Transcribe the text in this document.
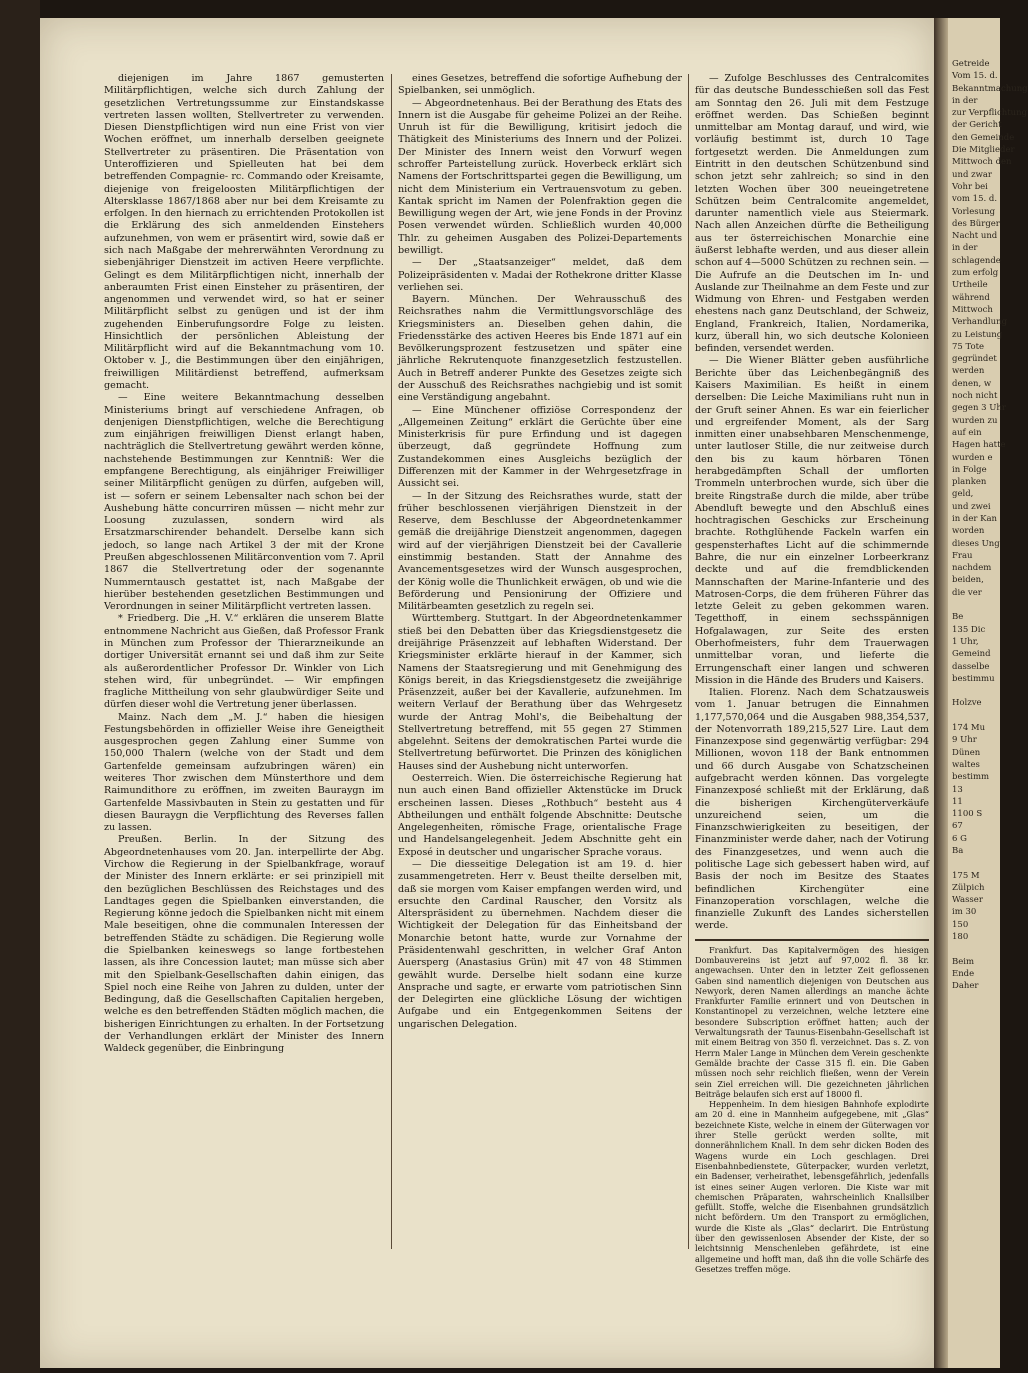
diejenigen im Jahre 1867 gemusterten Militärpflichtigen, welche sich durch Zahlung der gesetzlichen Vertretungssumme zur Einstandskasse vertreten lassen wollten, Stellvertreter zu verwenden. Diesen Dienstpflichtigen wird nun eine Frist von vier Wochen eröffnet, um innerhalb derselben geeignete Stellvertreter zu präsentiren. Die Präsentation von Unteroffizieren und Spielleuten hat bei dem betreffenden Compagnie- rc. Commando oder Kreisamte, diejenige von freigeloosten Militärpflichtigen der Altersklasse 1867/1868 aber nur bei dem Kreisamte zu erfolgen. In den hiernach zu errichtenden Protokollen ist die Erklärung des sich anmeldenden Einstehers aufzunehmen, von wem er präsentirt wird, sowie daß er sich nach Maßgabe der mehrerwähnten Verordnung zu siebenjähriger Dienstzeit im activen Heere verpflichte. Gelingt es dem Militärpflichtigen nicht, innerhalb der anberaumten Frist einen Einsteher zu präsentiren, der angenommen und verwendet wird, so hat er seiner Militärpflicht selbst zu genügen und ist der ihm zugehenden Einberufungsordre Folge zu leisten. Hinsichtlich der persönlichen Ableistung der Militärpflicht wird auf die Bekanntmachung vom 10. Oktober v. J., die Bestimmungen über den einjährigen, freiwilligen Militärdienst betreffend, aufmerksam gemacht.

— Eine weitere Bekanntmachung desselben Ministeriums bringt auf verschiedene Anfragen, ob denjenigen Dienstpflichtigen, welche die Berechtigung zum einjährigen freiwilligen Dienst erlangt haben, nachträglich die Stellvertretung gewährt werden könne, nachstehende Bestimmungen zur Kenntniß: Wer die empfangene Berechtigung, als einjähriger Freiwilliger seiner Militärpflicht genügen zu dürfen, aufgeben will, ist — sofern er seinem Lebensalter nach schon bei der Aushebung hätte concurriren müssen — nicht mehr zur Loosung zuzulassen, sondern wird als Ersatzmarschirender behandelt. Derselbe kann sich jedoch, so lange nach Artikel 3 der mit der Krone Preußen abgeschlossenen Militärconvention vom 7. April 1867 die Stellvertretung oder der sogenannte Nummerntausch gestattet ist, nach Maßgabe der hierüber bestehenden gesetzlichen Bestimmungen und Verordnungen in seiner Militärpflicht vertreten lassen.

* Friedberg. Die „H. V.“ erklären die unserem Blatte entnommene Nachricht aus Gießen, daß Professor Frank in München zum Professor der Thierarzneikunde an dortiger Universität ernannt sei und daß ihm zur Seite als außerordentlicher Professor Dr. Winkler von Lich stehen wird, für unbegründet. — Wir empfingen fragliche Mittheilung von sehr glaubwürdiger Seite und dürfen dieser wohl die Vertretung jener überlassen.

Mainz. Nach dem „M. J.“ haben die hiesigen Festungsbehörden in offizieller Weise ihre Geneigtheit ausgesprochen gegen Zahlung einer Summe von 150,000 Thalern (welche von der Stadt und dem Gartenfelde gemeinsam aufzubringen wären) ein weiteres Thor zwischen dem Münsterthore und dem Raimundithore zu eröffnen, im zweiten Bauraygn im Gartenfelde Massivbauten in Stein zu gestatten und für diesen Bauraygn die Verpflichtung des Reverses fallen zu lassen.

Preußen. Berlin. In der Sitzung des Abgeordnetenhauses vom 20. Jan. interpellirte der Abg. Virchow die Regierung in der Spielbankfrage, worauf der Minister des Innern erklärte: er sei prinzipiell mit den bezüglichen Beschlüssen des Reichstages und des Landtages gegen die Spielbanken einverstanden, die Regierung könne jedoch die Spielbanken nicht mit einem Male beseitigen, ohne die communalen Interessen der betreffenden Städte zu schädigen. Die Regierung wolle die Spielbanken keineswegs so lange fortbestehen lassen, als ihre Concession lautet; man müsse sich aber mit den Spielbank-Gesellschaften dahin einigen, das Spiel noch eine Reihe von Jahren zu dulden, unter der Bedingung, daß die Gesellschaften Capitalien hergeben, welche es den betreffenden Städten möglich machen, die bisherigen Einrichtungen zu erhalten. In der Fortsetzung der Verhandlungen erklärt der Minister des Innern Waldeck gegenüber, die Einbringung

eines Gesetzes, betreffend die sofortige Aufhebung der Spielbanken, sei unmöglich.

— Abgeordnetenhaus. Bei der Berathung des Etats des Innern ist die Ausgabe für geheime Polizei an der Reihe. Unruh ist für die Bewilligung, kritisirt jedoch die Thätigkeit des Ministeriums des Innern und der Polizei. Der Minister des Innern weist den Vorwurf wegen schroffer Parteistellung zurück. Hoverbeck erklärt sich Namens der Fortschrittspartei gegen die Bewilligung, um nicht dem Ministerium ein Vertrauensvotum zu geben. Kantak spricht im Namen der Polenfraktion gegen die Bewilligung wegen der Art, wie jene Fonds in der Provinz Posen verwendet würden. Schließlich wurden 40,000 Thlr. zu geheimen Ausgaben des Polizei-Departements bewilligt.

— Der „Staatsanzeiger“ meldet, daß dem Polizeipräsidenten v. Madai der Rothekrone dritter Klasse verliehen sei.

Bayern. München. Der Wehrausschuß des Reichsrathes nahm die Vermittlungsvorschläge des Kriegsministers an. Dieselben gehen dahin, die Friedensstärke des activen Heeres bis Ende 1871 auf ein Bevölkerungsprozent festzusetzen und später eine jährliche Rekrutenquote finanzgesetzlich festzustellen. Auch in Betreff anderer Punkte des Gesetzes zeigte sich der Ausschuß des Reichsrathes nachgiebig und ist somit eine Verständigung angebahnt.

— Eine Münchener offiziöse Correspondenz der „Allgemeinen Zeitung“ erklärt die Gerüchte über eine Ministerkrisis für pure Erfindung und ist dagegen überzeugt, daß gegründete Hoffnung zum Zustandekommen eines Ausgleichs bezüglich der Differenzen mit der Kammer in der Wehrgesetzfrage in Aussicht sei.

— In der Sitzung des Reichsrathes wurde, statt der früher beschlossenen vierjährigen Dienstzeit in der Reserve, dem Beschlusse der Abgeordnetenkammer gemäß die dreijährige Dienstzeit angenommen, dagegen wird auf der vierjährigen Dienstzeit bei der Cavallerie einstimmig bestanden. Statt der Annahme des Avancementsgesetzes wird der Wunsch ausgesprochen, der König wolle die Thunlichkeit erwägen, ob und wie die Beförderung und Pensionirung der Offiziere und Militärbeamten gesetzlich zu regeln sei.

Württemberg. Stuttgart. In der Abgeordnetenkammer stieß bei den Debatten über das Kriegsdienstgesetz die dreijährige Präsenzzeit auf lebhaften Widerstand. Der Kriegsminister erklärte hierauf in der Kammer, sich Namens der Staatsregierung und mit Genehmigung des Königs bereit, in das Kriegsdienstgesetz die zweijährige Präsenzzeit, außer bei der Kavallerie, aufzunehmen. Im weitern Verlauf der Berathung über das Wehrgesetz wurde der Antrag Mohl's, die Beibehaltung der Stellvertretung betreffend, mit 55 gegen 27 Stimmen abgelehnt. Seitens der demokratischen Partei wurde die Stellvertretung befürwortet. Die Prinzen des königlichen Hauses sind der Aushebung nicht unterworfen.

Oesterreich. Wien. Die österreichische Regierung hat nun auch einen Band offizieller Aktenstücke im Druck erscheinen lassen. Dieses „Rothbuch“ besteht aus 4 Abtheilungen und enthält folgende Abschnitte: Deutsche Angelegenheiten, römische Frage, orientalische Frage und Handelsangelegenheit. Jedem Abschnitte geht ein Exposé in deutscher und ungarischer Sprache voraus.

— Die diesseitige Delegation ist am 19. d. hier zusammengetreten. Herr v. Beust theilte derselben mit, daß sie morgen vom Kaiser empfangen werden wird, und ersuchte den Cardinal Rauscher, den Vorsitz als Alterspräsident zu übernehmen. Nachdem dieser die Wichtigkeit der Delegation für das Einheitsband der Monarchie betont hatte, wurde zur Vornahme der Präsidentenwahl geschritten, in welcher Graf Anton Auersperg (Anastasius Grün) mit 47 von 48 Stimmen gewählt wurde. Derselbe hielt sodann eine kurze Ansprache und sagte, er erwarte vom patriotischen Sinn der Delegirten eine glückliche Lösung der wichtigen Aufgabe und ein Entgegenkommen Seitens der ungarischen Delegation.

— Zufolge Beschlusses des Centralcomites für das deutsche Bundesschießen soll das Fest am Sonntag den 26. Juli mit dem Festzuge eröffnet werden. Das Schießen beginnt unmittelbar am Montag darauf, und wird, wie vorläufig bestimmt ist, durch 10 Tage fortgesetzt werden. Die Anmeldungen zum Eintritt in den deutschen Schützenbund sind schon jetzt sehr zahlreich; so sind in den letzten Wochen über 300 neueingetretene Schützen beim Centralcomite angemeldet, darunter namentlich viele aus Steiermark. Nach allen Anzeichen dürfte die Betheiligung aus ter österreichischen Monarchie eine äußerst lebhafte werden, und aus dieser allein schon auf 4—5000 Schützen zu rechnen sein. — Die Aufrufe an die Deutschen im In- und Auslande zur Theilnahme an dem Feste und zur Widmung von Ehren- und Festgaben werden ehestens nach ganz Deutschland, der Schweiz, England, Frankreich, Italien, Nordamerika, kurz, überall hin, wo sich deutsche Kolonieen befinden, versendet werden.

— Die Wiener Blätter geben ausführliche Berichte über das Leichenbegängniß des Kaisers Maximilian. Es heißt in einem derselben: Die Leiche Maximilians ruht nun in der Gruft seiner Ahnen. Es war ein feierlicher und ergreifender Moment, als der Sarg inmitten einer unabsehbaren Menschenmenge, unter lautloser Stille, die nur zeitweise durch den bis zu kaum hörbaren Tönen herabgedämpften Schall der umflorten Trommeln unterbrochen wurde, sich über die breite Ringstraße durch die milde, aber trübe Abendluft bewegte und den Abschluß eines hochtragischen Geschicks zur Erscheinung brachte. Rothglühende Fackeln warfen ein gespensterhaftes Licht auf die schimmernde Bahre, die nur ein einzelner Lorbeerkranz deckte und auf die fremdblickenden Mannschaften der Marine-Infanterie und des Matrosen-Corps, die dem früheren Führer das letzte Geleit zu geben gekommen waren. Tegetthoff, in einem sechsspännigen Hofgalawagen, zur Seite des ersten Oberhofmeisters, fuhr dem Trauerwagen unmittelbar voran, und lieferte die Errungenschaft einer langen und schweren Mission in die Hände des Bruders und Kaisers.

Italien. Florenz. Nach dem Schatzausweis vom 1. Januar betrugen die Einnahmen 1,177,570,064 und die Ausgaben 988,354,537, der Notenvorrath 189,215,527 Lire. Laut dem Finanzexpose sind gegenwärtig verfügbar: 294 Millionen, wovon 118 der Bank entnommen und 66 durch Ausgabe von Schatzscheinen aufgebracht werden können. Das vorgelegte Finanzexposé schließt mit der Erklärung, daß die bisherigen Kirchengüterverkäufe unzureichend seien, um die Finanzschwierigkeiten zu beseitigen, der Finanzminister werde daher, nach der Votirung des Finanzgesetzes, und wenn auch die politische Lage sich gebessert haben wird, auf Basis der noch im Besitze des Staates befindlichen Kirchengüter eine Finanzoperation vorschlagen, welche die finanzielle Zukunft des Landes sicherstellen werde.

Frankfurt. Das Kapitalvermögen des hiesigen Dombauvereins ist jetzt auf 97,002 fl. 38 kr. angewachsen. Unter den in letzter Zeit geflossenen Gaben sind namentlich diejenigen von Deutschen aus Newyork, deren Namen allerdings an manche ächte Frankfurter Familie erinnert und von Deutschen in Konstantinopel zu verzeichnen, welche letztere eine besondere Subscription eröffnet hatten; auch der Verwaltungsrath der Taunus-Eisenbahn-Gesellschaft ist mit einem Beitrag von 350 fl. verzeichnet. Das s. Z. von Herrn Maler Lange in München dem Verein geschenkte Gemälde brachte der Casse 315 fl. ein. Die Gaben müssen noch sehr reichlich fließen, wenn der Verein sein Ziel erreichen will. Die gezeichneten jährlichen Beiträge belaufen sich erst auf 18000 fl.

Heppenheim. In dem hiesigen Bahnhofe explodirte am 20 d. eine in Mannheim aufgegebene, mit „Glas“ bezeichnete Kiste, welche in einem der Güterwagen vor ihrer Stelle gerückt werden sollte, mit donnerähnlichem Knall. In dem sehr dicken Boden des Wagens wurde ein Loch geschlagen. Drei Eisenbahnbedienstete, Güterpacker, wurden verletzt, ein Badenser, verheirathet, lebensgefährlich, jedenfalls ist eines seiner Augen verloren. Die Kiste war mit chemischen Präparaten, wahrscheinlich Knallsilber gefüllt. Stoffe, welche die Eisenbahnen grundsätzlich nicht befördern. Um den Transport zu ermöglichen, wurde die Kiste als „Glas“ declarirt. Die Entrüstung über den gewissenlosen Absender der Kiste, der so leichtsinnig Menschenleben gefährdete, ist eine allgemeine und hofft man, daß ihn die volle Schärfe des Gesetzes treffen möge.

Getreide
Vom 15. d.
Bekanntmachung
in der
zur Verpflichtung
der Gericht
den Gemeinde
Die Mitglieder
Mittwoch den
und zwar
Vohr bei
vom 15. d.
Vorlesung
des Bürger
Nacht und
in der
schlagende
zum erfolg
Urtheile
während
Mittwoch
Verhandlung
zu Leistung
75 Tote
gegründet
werden
denen, w
noch nicht
gegen 3 Uhr
wurden zu
auf ein
Hagen hatte
wurden e
in Folge
planken
geld,
und zwei
in der Kan
worden
dieses Ung
Frau
nachdem
beiden,
die ver
Be
135 Dic
1 Uhr,
Gemeind
dasselbe
bestimmu
Holzve
174 Mu
9 Uhr
Dünen
waltes
bestimm
13
11
1100 S
67
6 G
Ba
175 M
Zülpich
Wasser
im 30
150
180
Beim
Ende
Daher
